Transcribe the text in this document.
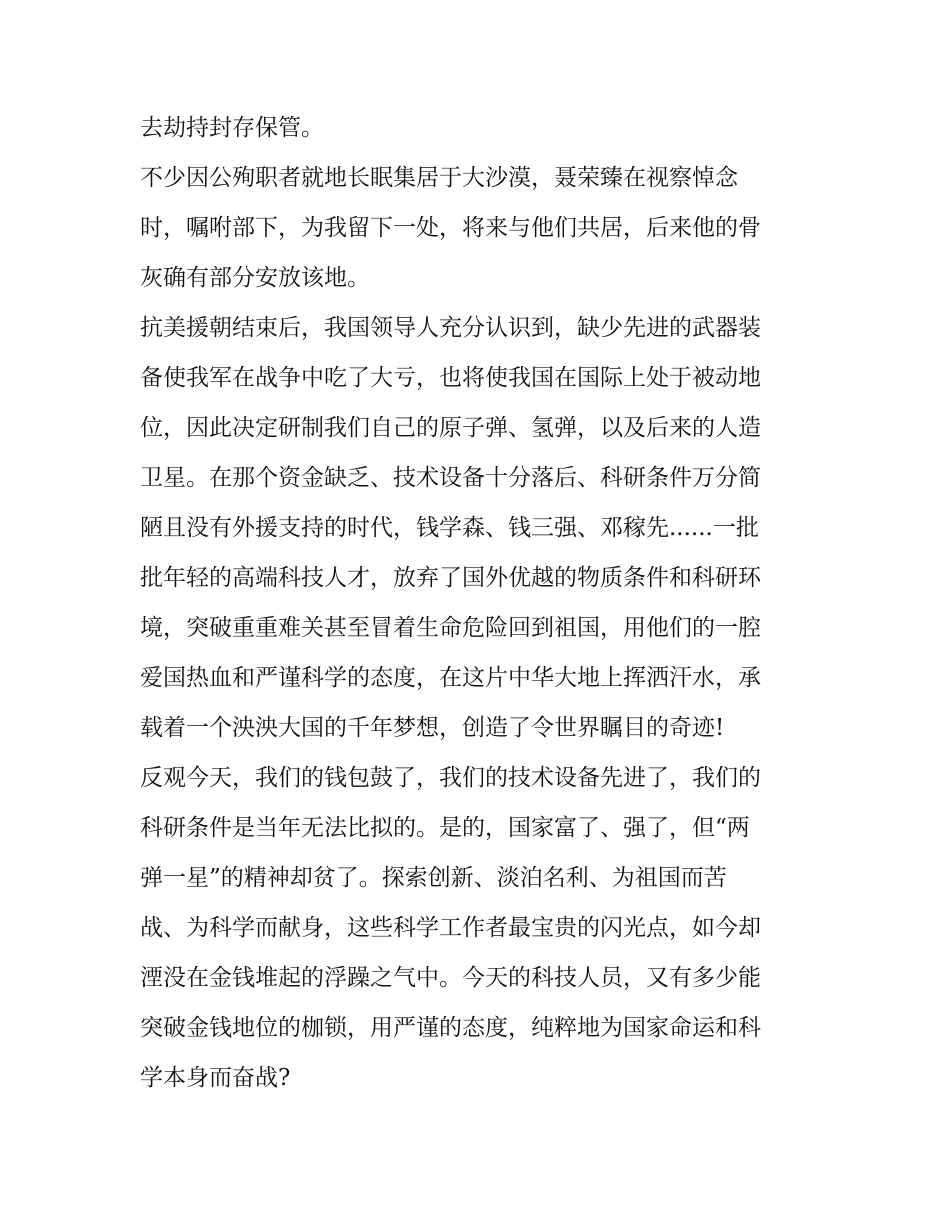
去劫持封存保管。
不少因公殉职者就地长眠集居于大沙漠，聂荣臻在视察悼念
时，嘱咐部下，为我留下一处，将来与他们共居，后来他的骨
灰确有部分安放该地。
抗美援朝结束后，我国领导人充分认识到，缺少先进的武器装
备使我军在战争中吃了大亏，也将使我国在国际上处于被动地
位，因此决定研制我们自己的原子弹、氢弹，以及后来的人造
卫星。在那个资金缺乏、技术设备十分落后、科研条件万分简
陋且没有外援支持的时代，钱学森、钱三强、邓稼先......一批
批年轻的高端科技人才，放弃了国外优越的物质条件和科研环
境，突破重重难关甚至冒着生命危险回到祖国，用他们的一腔
爱国热血和严谨科学的态度，在这片中华大地上挥洒汗水，承
载着一个泱泱大国的千年梦想，创造了令世界瞩目的奇迹!
反观今天，我们的钱包鼓了，我们的技术设备先进了，我们的
科研条件是当年无法比拟的。是的，国家富了、强了，但“两
弹一星”的精神却贫了。探索创新、淡泊名利、为祖国而苦
战、为科学而献身，这些科学工作者最宝贵的闪光点，如今却
湮没在金钱堆起的浮躁之气中。今天的科技人员，又有多少能
突破金钱地位的枷锁，用严谨的态度，纯粹地为国家命运和科
学本身而奋战?
